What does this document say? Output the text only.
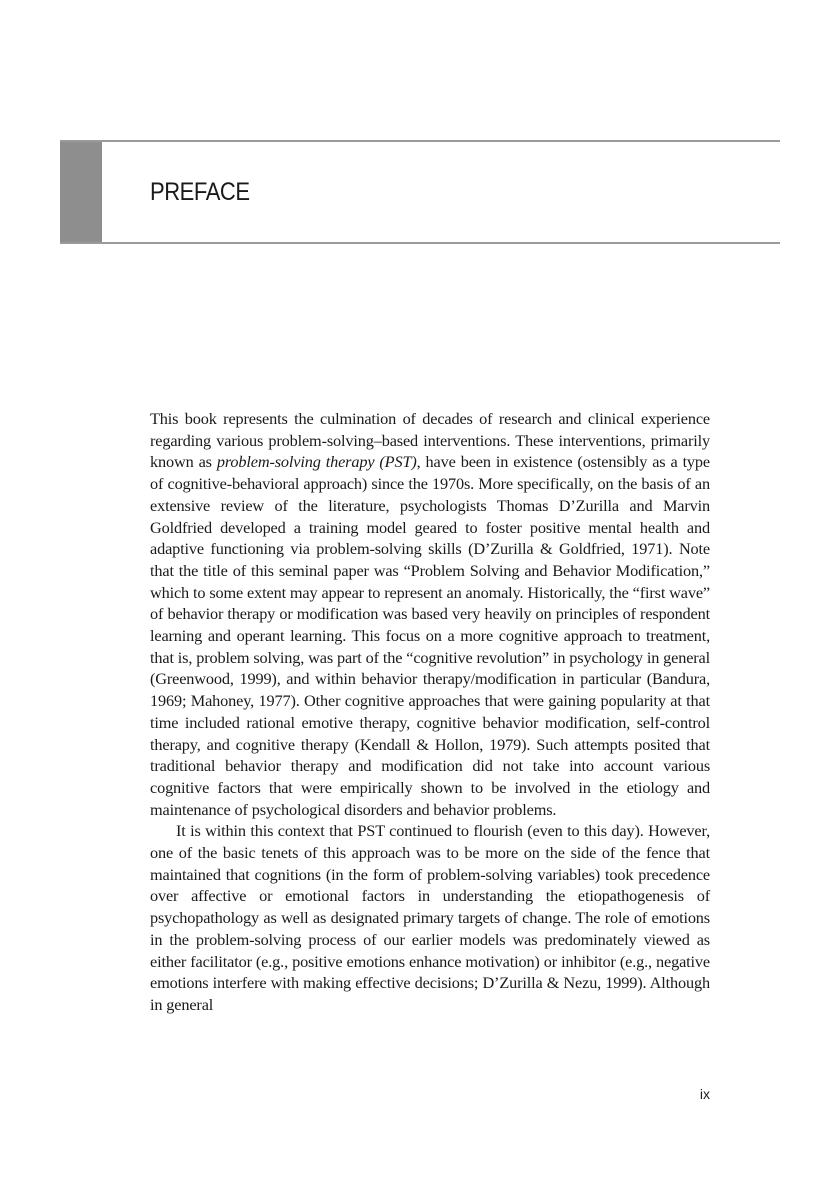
PREFACE

This book represents the culmination of decades of research and clinical experience regarding various problem-solving–based interventions. These interventions, primarily known as problem-solving therapy (PST), have been in existence (ostensibly as a type of cognitive-behavioral approach) since the 1970s. More specifically, on the basis of an extensive review of the literature, psychologists Thomas D’Zurilla and Marvin Goldfried developed a training model geared to foster positive mental health and adaptive functioning via problem-solving skills (D’Zurilla & Goldfried, 1971). Note that the title of this seminal paper was “Problem Solving and Behavior Modification,” which to some extent may appear to represent an anomaly. Historically, the “first wave” of behavior therapy or modification was based very heavily on principles of respondent learning and operant learning. This focus on a more cognitive approach to treatment, that is, problem solving, was part of the “cognitive revolution” in psychology in general (Greenwood, 1999), and within behavior therapy/modification in particular (Bandura, 1969; Mahoney, 1977). Other cognitive approaches that were gaining popularity at that time included rational emotive therapy, cognitive behavior modification, self-control therapy, and cognitive therapy (Kendall & Hollon, 1979). Such attempts posited that traditional behavior therapy and modification did not take into account various cognitive factors that were empirically shown to be involved in the etiology and maintenance of psychological disorders and behavior problems.

It is within this context that PST continued to flourish (even to this day). However, one of the basic tenets of this approach was to be more on the side of the fence that maintained that cognitions (in the form of problem-solving variables) took precedence over affective or emotional factors in understanding the etiopathogenesis of psychopathology as well as designated primary targets of change. The role of emotions in the problem-solving process of our earlier models was predominately viewed as either facilitator (e.g., positive emotions enhance motivation) or inhibitor (e.g., negative emotions interfere with making effective decisions; D’Zurilla & Nezu, 1999). Although in general

ix
